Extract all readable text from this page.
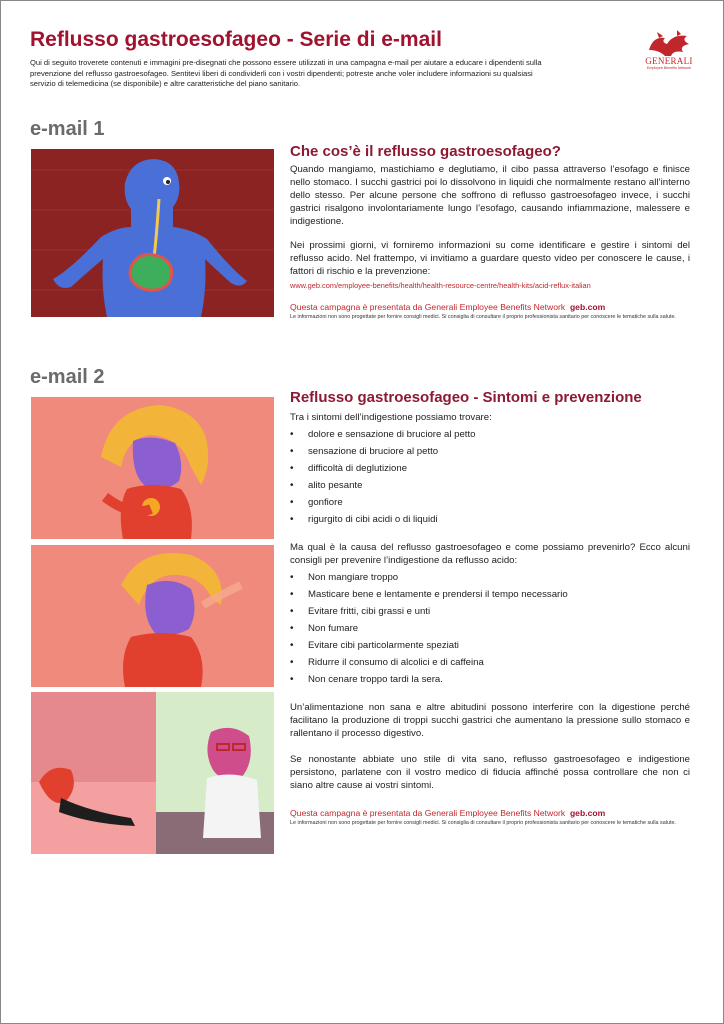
Reflusso gastroesofageo - Serie di e-mail

Qui di seguito troverete contenuti e immagini pre-disegnati che possono essere utilizzati in una campagna e-mail per aiutare a educare i dipendenti sulla prevenzione del reflusso gastroesofageo. Sentitevi liberi di condividerli con i vostri dipendenti; potreste anche voler includere informazioni su qualsiasi servizio di telemedicina (se disponibile) e altre caratteristiche del piano sanitario.

GENERALI
Employee Benefits Network
e-mail 1
Che cos’è il reflusso gastroesofageo?

Quando mangiamo, mastichiamo e deglutiamo, il cibo passa attraverso l’esofago e finisce nello stomaco. I succhi gastrici poi lo dissolvono in liquidi che normalmente restano all’interno dello stesso. Per alcune persone che soffrono di reflusso gastroesofageo invece, i succhi gastrici risalgono involontariamente lungo l’esofago, causando infiammazione, malessere e indigestione.

Nei prossimi giorni, vi forniremo informazioni su come identificare e gestire i sintomi del reflusso acido. Nel frattempo, vi invitiamo a guardare questo video per conoscere le cause, i fattori di rischio e la prevenzione:

www.geb.com/employee-benefits/health/health-resource-centre/health-kits/acid-reflux-italian
Questa campagna è presentata da Generali Employee Benefits Network geb.com
Le informazioni non sono progettate per fornire consigli medici. Si consiglia di consultare il proprio professionista sanitario per conoscere le tematiche sulla salute.
e-mail 2
Reflusso gastroesofageo - Sintomi e prevenzione

Tra i sintomi dell’indigestione possiamo trovare:

• dolore e sensazione di bruciore al petto
• sensazione di bruciore al petto
• difficoltà di deglutizione
• alito pesante
• gonfiore
• rigurgito di cibi acidi o di liquidi

Ma qual è la causa del reflusso gastroesofageo e come possiamo prevenirlo? Ecco alcuni consigli per prevenire l’indigestione da reflusso acido:

• Non mangiare troppo
• Masticare bene e lentamente e prendersi il tempo necessario
• Evitare fritti, cibi grassi e unti
• Non fumare
• Evitare cibi particolarmente speziati
• Ridurre il consumo di alcolici e di caffeina
• Non cenare troppo tardi la sera.

Un’alimentazione non sana e altre abitudini possono interferire con la digestione perché facilitano la produzione di troppi succhi gastrici che aumentano la pressione sullo stomaco e rallentano il processo digestivo.

Se nonostante abbiate uno stile di vita sano, reflusso gastroesofageo e indigestione persistono, parlatene con il vostro medico di fiducia affinché possa controllare che non ci siano altre cause ai vostri sintomi.

Questa campagna è presentata da Generali Employee Benefits Network geb.com
Le informazioni non sono progettate per fornire consigli medici. Si consiglia di consultare il proprio professionista sanitario per conoscere le tematiche sulla salute.
